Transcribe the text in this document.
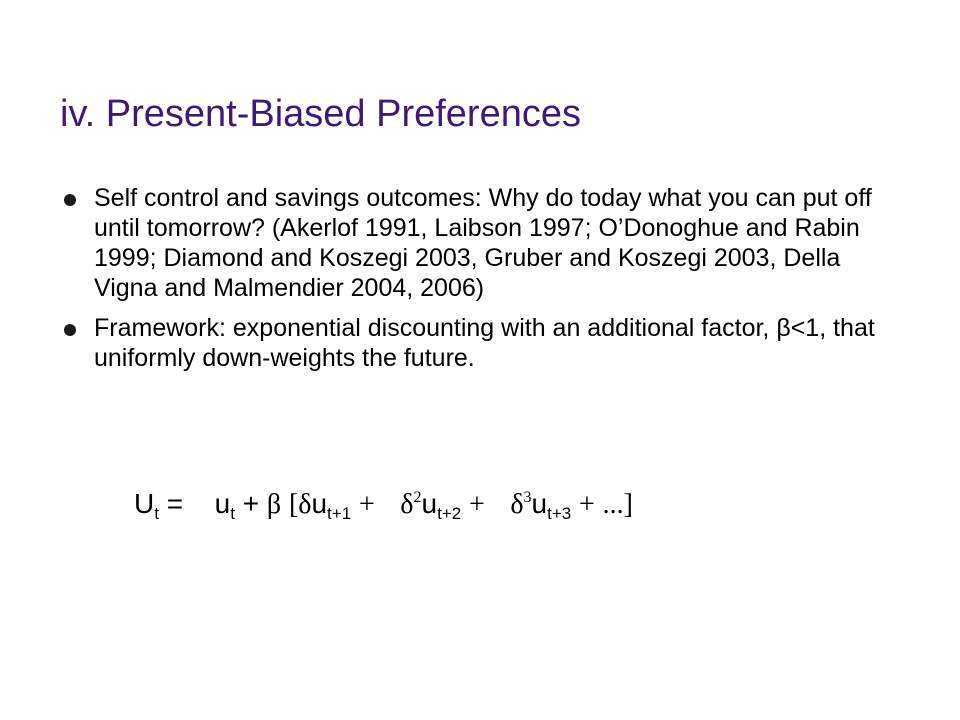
iv. Present-Biased Preferences
Self control and savings outcomes: Why do today what you can put off until tomorrow? (Akerlof 1991, Laibson 1997; O’Donoghue and Rabin 1999; Diamond and Koszegi 2003, Gruber and Koszegi 2003, Della Vigna and Malmendier 2004, 2006)
Framework: exponential discounting with an additional factor, β<1, that uniformly down-weights the future.
$U_t = u_t + \beta$ [$\delta u_{t+1} + \delta^2u_{t+2} + \delta^3u_{t+3}$ + ...]
